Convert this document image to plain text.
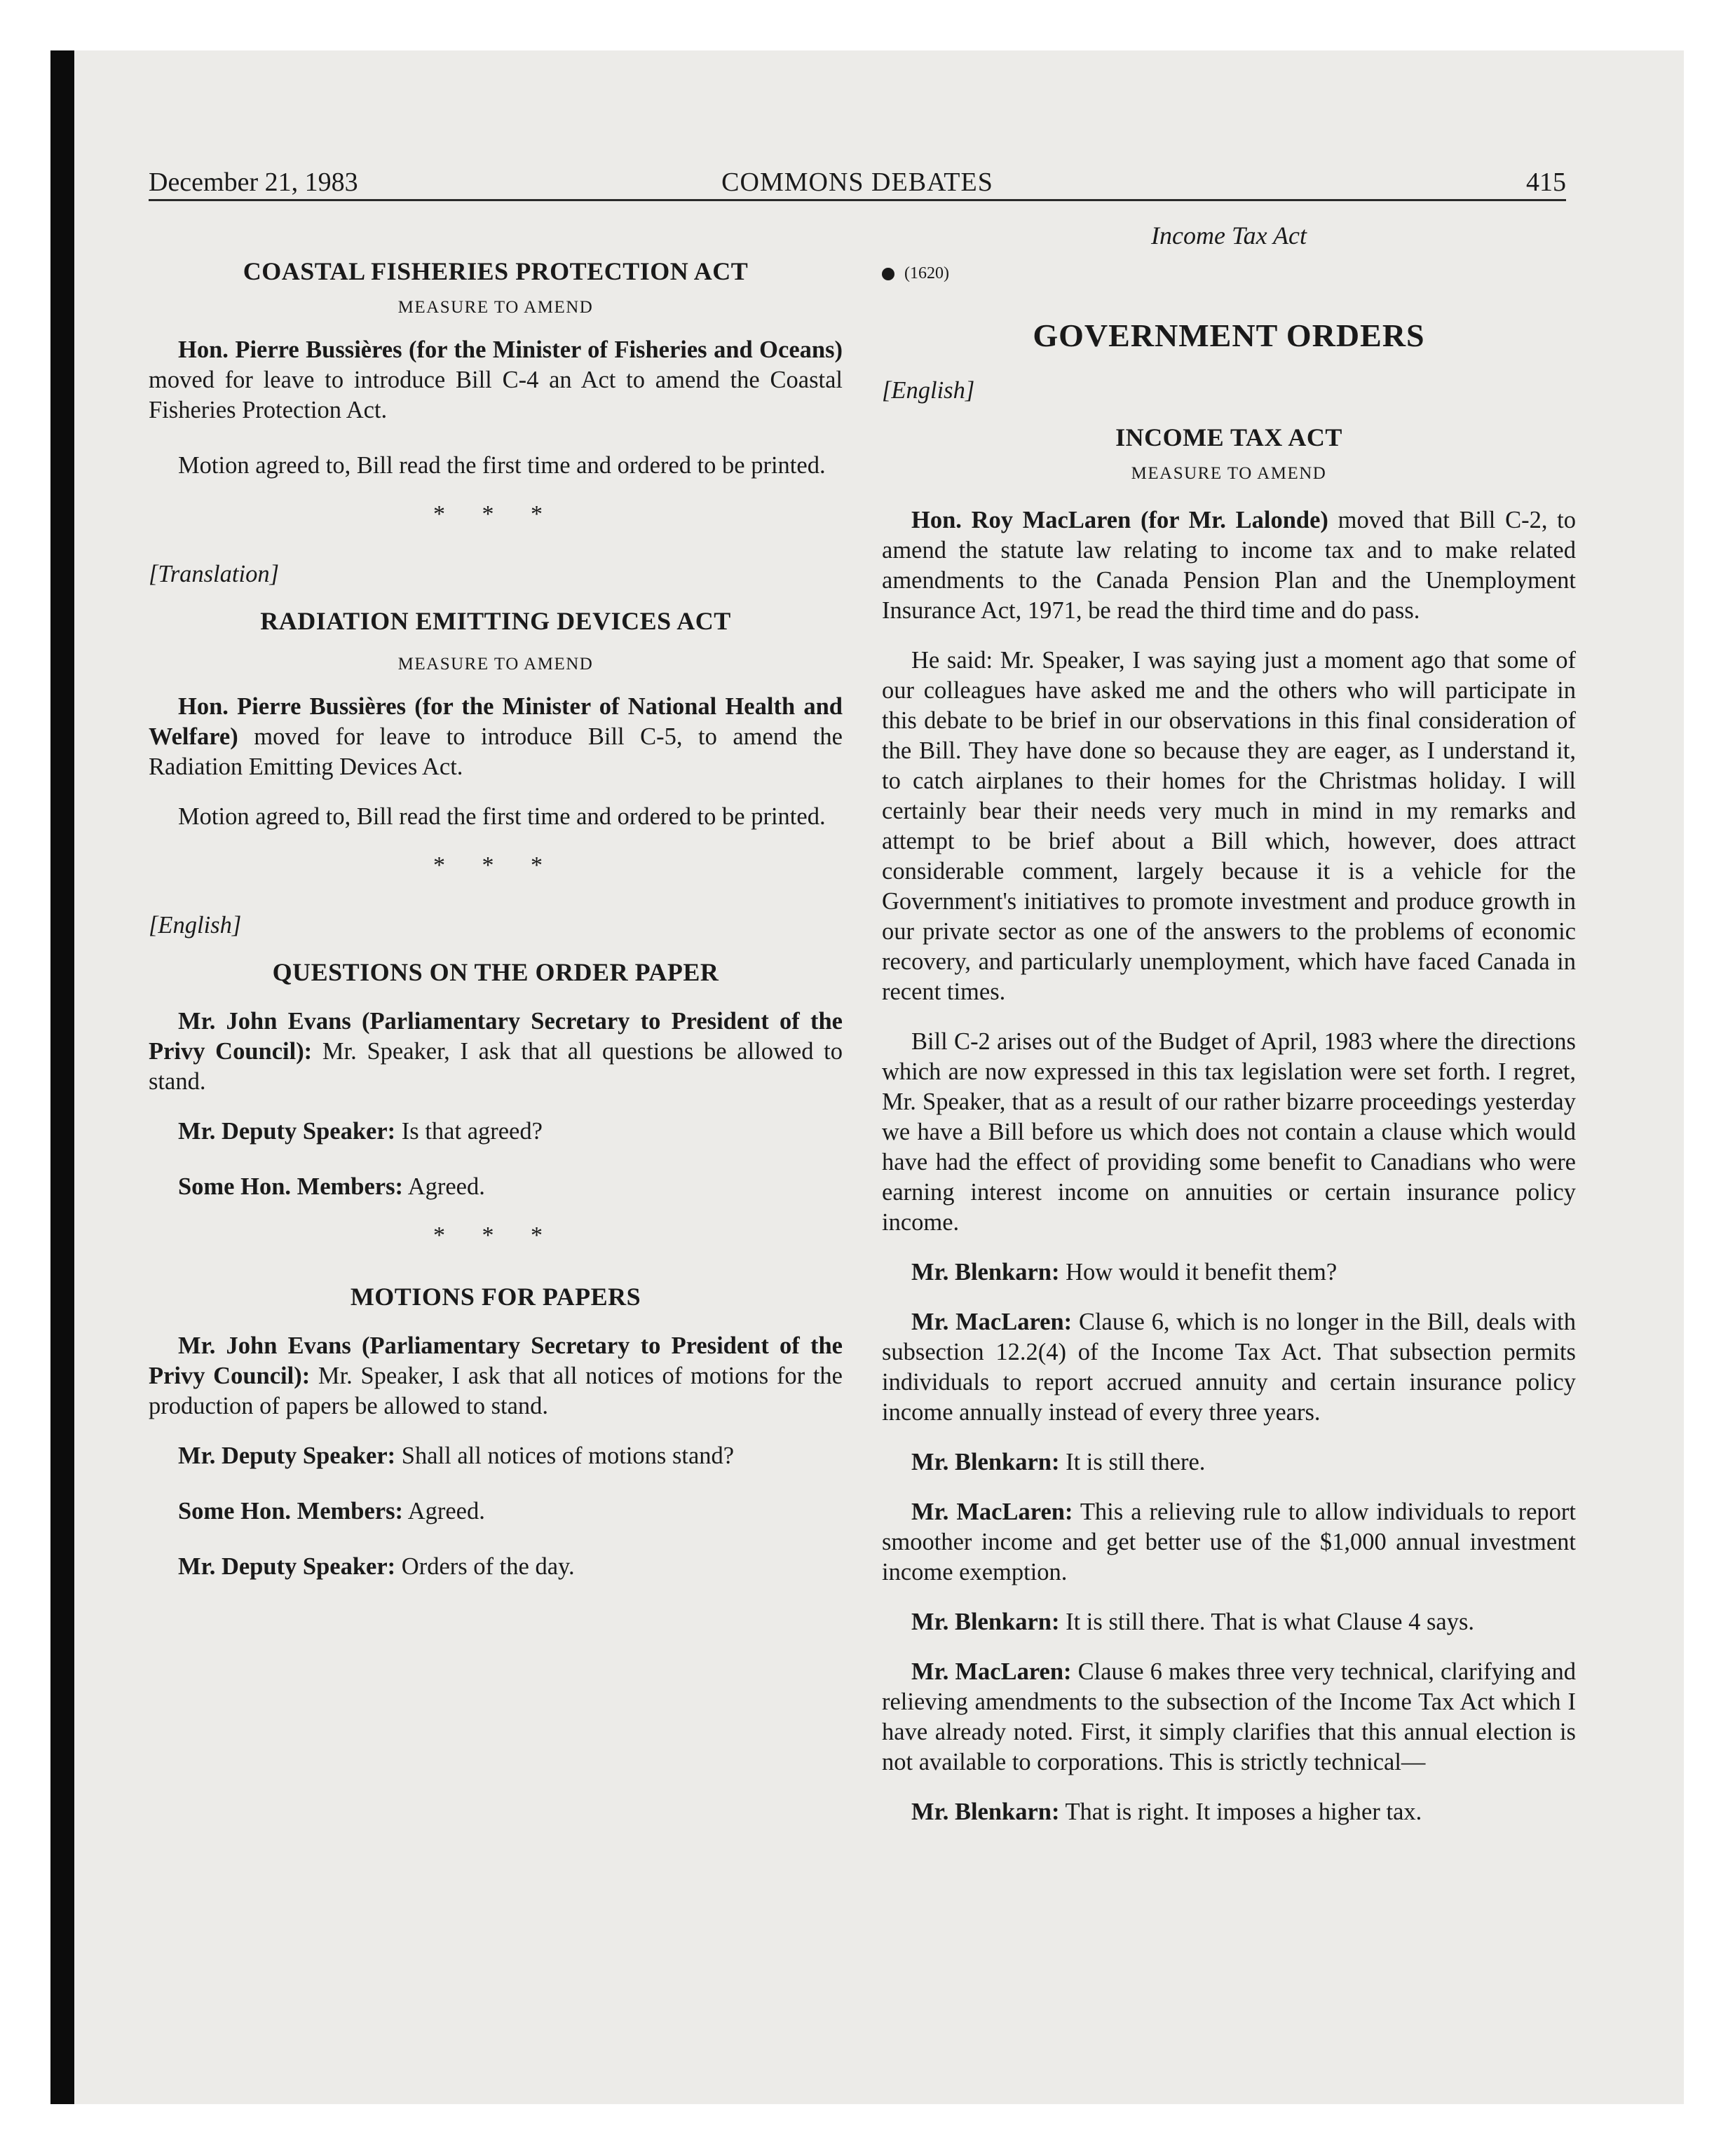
December 21, 1983	COMMONS DEBATES	415
COASTAL FISHERIES PROTECTION ACT
MEASURE TO AMEND

Hon. Pierre Bussières (for the Minister of Fisheries and Oceans) moved for leave to introduce Bill C-4 an Act to amend the Coastal Fisheries Protection Act.

Motion agreed to, Bill read the first time and ordered to be printed.

* * *
[Translation]
RADIATION EMITTING DEVICES ACT
MEASURE TO AMEND

Hon. Pierre Bussières (for the Minister of National Health and Welfare) moved for leave to introduce Bill C-5, to amend the Radiation Emitting Devices Act.

Motion agreed to, Bill read the first time and ordered to be printed.

* * *
[English]
QUESTIONS ON THE ORDER PAPER

Mr. John Evans (Parliamentary Secretary to President of the Privy Council): Mr. Speaker, I ask that all questions be allowed to stand.

Mr. Deputy Speaker: Is that agreed?

Some Hon. Members: Agreed.

* * *
MOTIONS FOR PAPERS

Mr. John Evans (Parliamentary Secretary to President of the Privy Council): Mr. Speaker, I ask that all notices of motions for the production of papers be allowed to stand.

Mr. Deputy Speaker: Shall all notices of motions stand?

Some Hon. Members: Agreed.

Mr. Deputy Speaker: Orders of the day.

Income Tax Act
(1620)
GOVERNMENT ORDERS
[English]
INCOME TAX ACT
MEASURE TO AMEND

Hon. Roy MacLaren (for Mr. Lalonde) moved that Bill C-2, to amend the statute law relating to income tax and to make related amendments to the Canada Pension Plan and the Unemployment Insurance Act, 1971, be read the third time and do pass.

He said: Mr. Speaker, I was saying just a moment ago that some of our colleagues have asked me and the others who will participate in this debate to be brief in our observations in this final consideration of the Bill. They have done so because they are eager, as I understand it, to catch airplanes to their homes for the Christmas holiday. I will certainly bear their needs very much in mind in my remarks and attempt to be brief about a Bill which, however, does attract considerable comment, largely because it is a vehicle for the Government's initiatives to promote investment and produce growth in our private sector as one of the answers to the problems of economic recovery, and particularly unemployment, which have faced Canada in recent times.

Bill C-2 arises out of the Budget of April, 1983 where the directions which are now expressed in this tax legislation were set forth. I regret, Mr. Speaker, that as a result of our rather bizarre proceedings yesterday we have a Bill before us which does not contain a clause which would have had the effect of providing some benefit to Canadians who were earning interest income on annuities or certain insurance policy income.

Mr. Blenkarn: How would it benefit them?

Mr. MacLaren: Clause 6, which is no longer in the Bill, deals with subsection 12.2(4) of the Income Tax Act. That subsection permits individuals to report accrued annuity and certain insurance policy income annually instead of every three years.

Mr. Blenkarn: It is still there.

Mr. MacLaren: This a relieving rule to allow individuals to report smoother income and get better use of the $1,000 annual investment income exemption.

Mr. Blenkarn: It is still there. That is what Clause 4 says.

Mr. MacLaren: Clause 6 makes three very technical, clarifying and relieving amendments to the subsection of the Income Tax Act which I have already noted. First, it simply clarifies that this annual election is not available to corporations. This is strictly technical—

Mr. Blenkarn: That is right. It imposes a higher tax.
